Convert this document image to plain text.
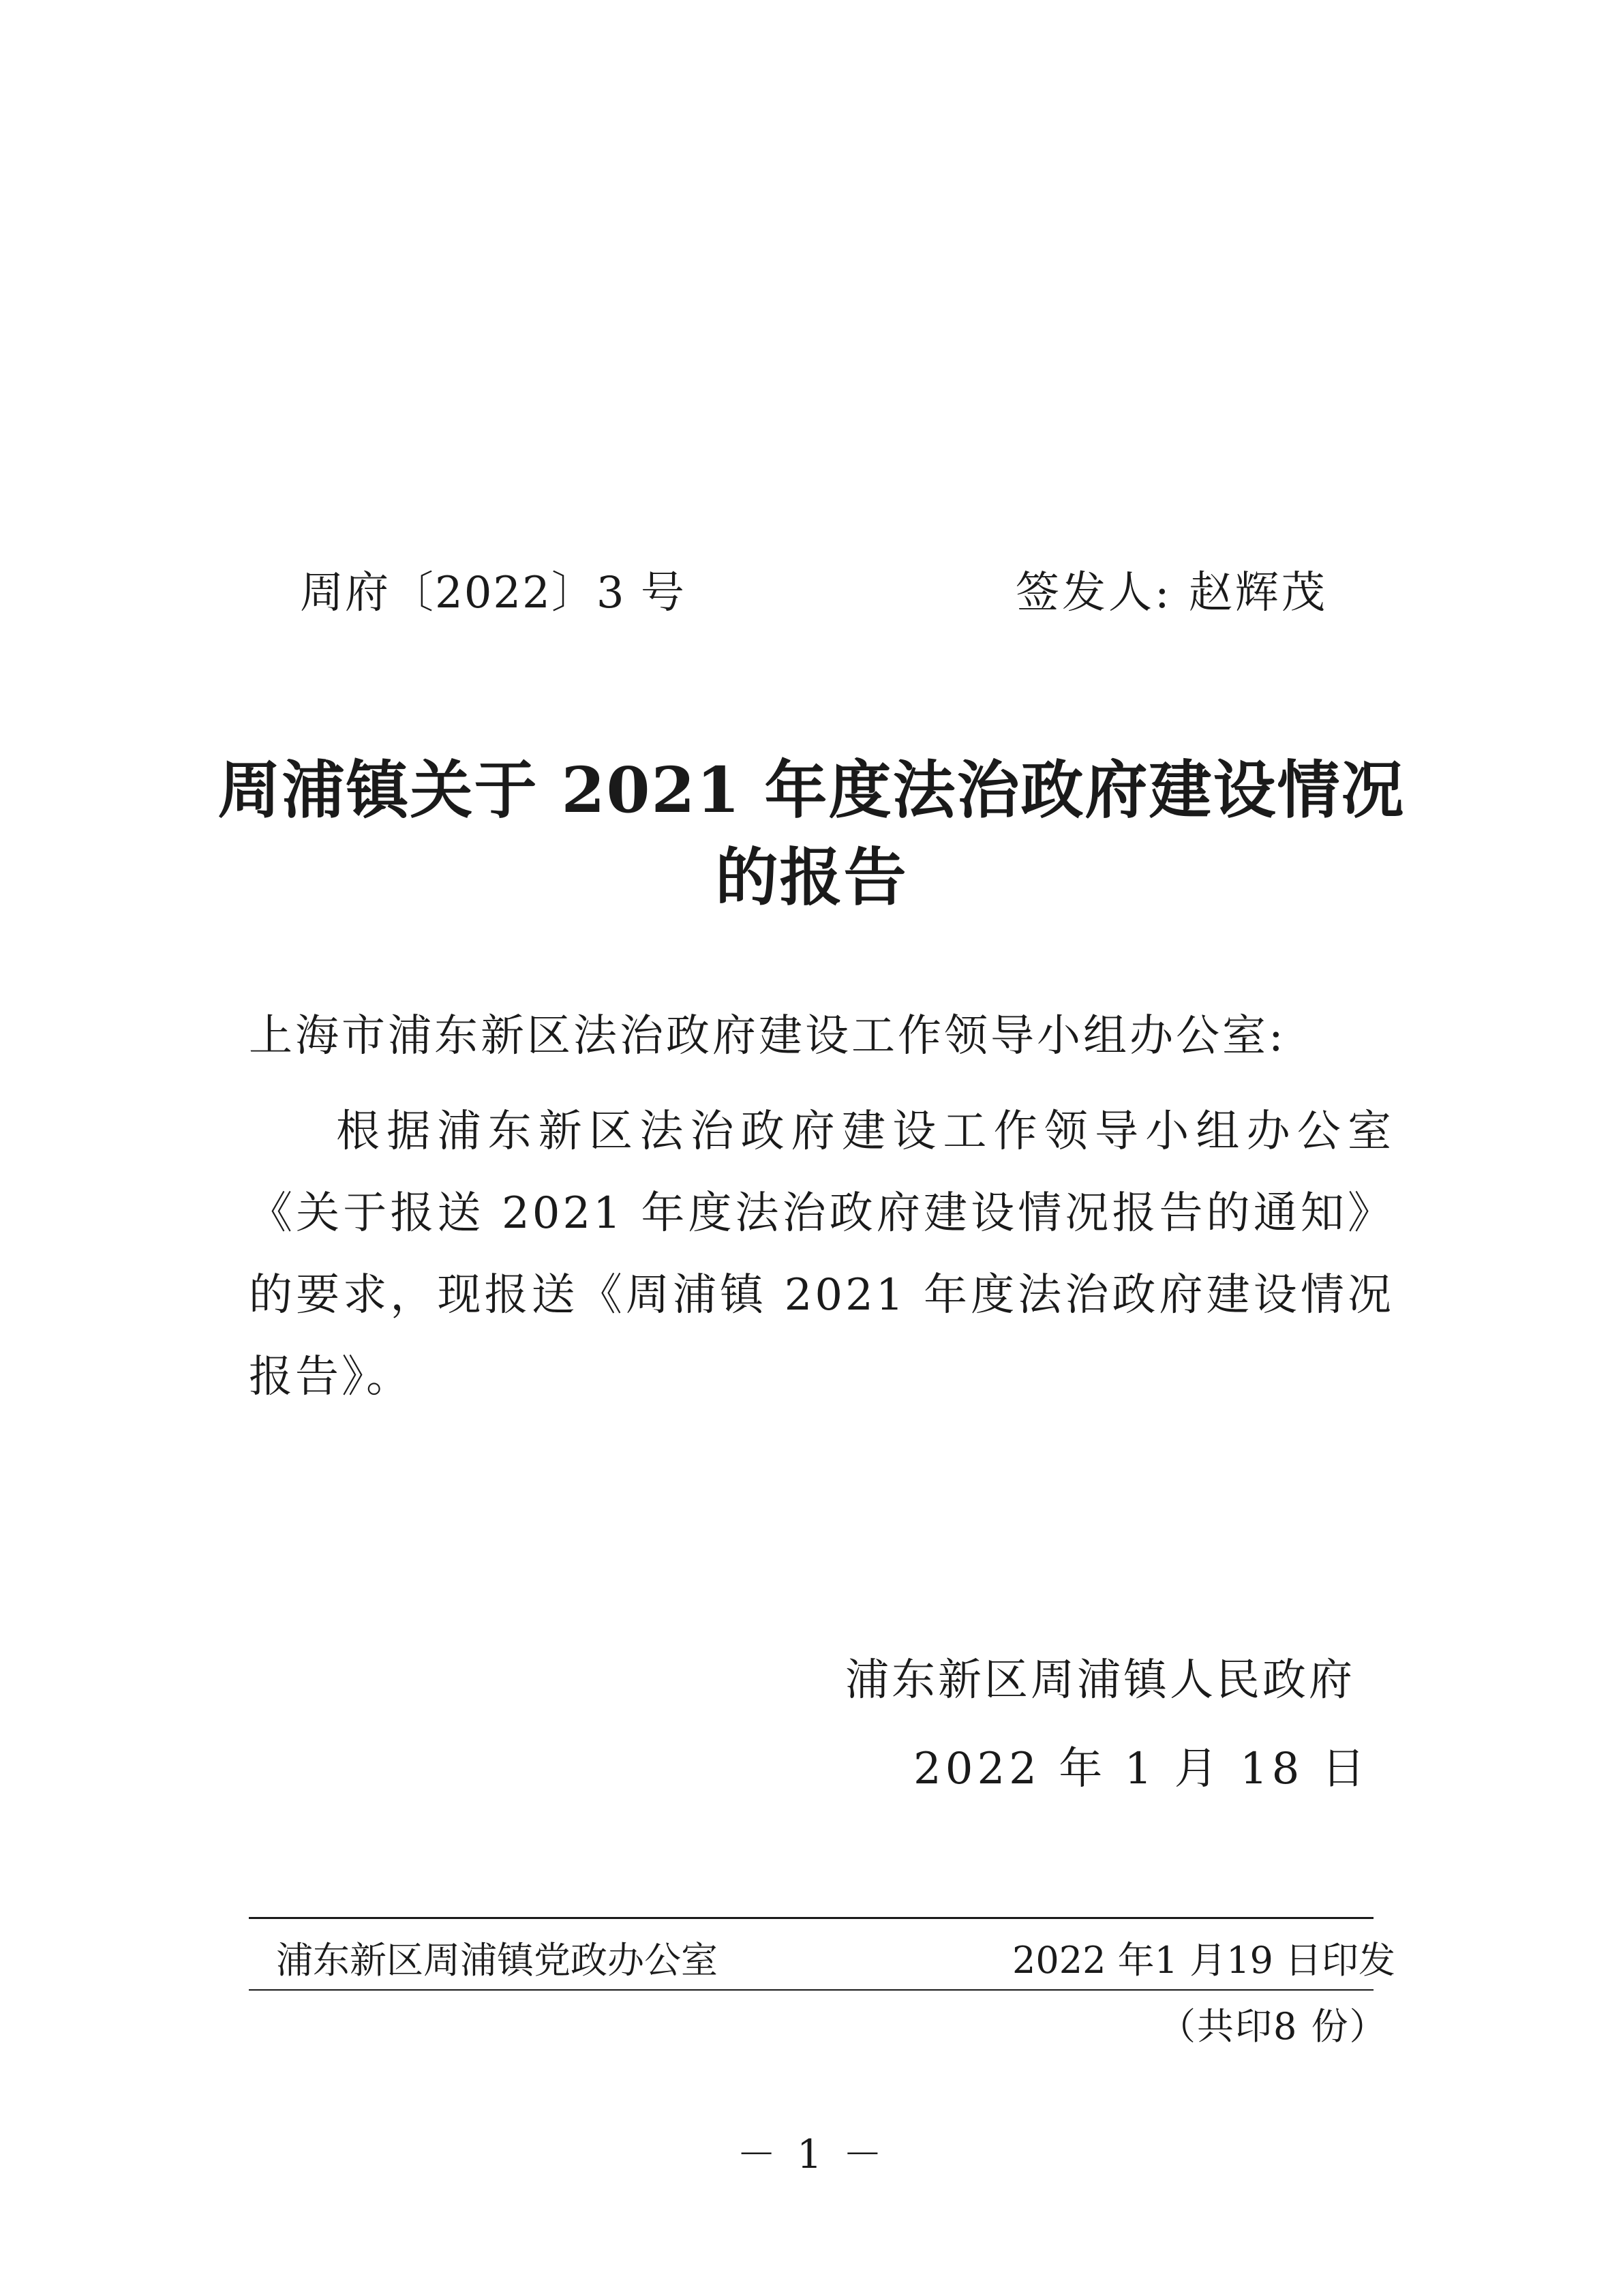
周府〔2022〕3 号	签发人: 赵辉茂
周浦镇关于 2021 年度法治政府建设情况
的报告
上海市浦东新区法治政府建设工作领导小组办公室:
根据浦东新区法治政府建设工作领导小组办公室《关于报送 2021 年度法治政府建设情况报告的通知》的要求，现报送《周浦镇 2021 年度法治政府建设情况报告》。
浦东新区周浦镇人民政府
2022 年 1 月 18 日
浦东新区周浦镇党政办公室	2022 年1 月19 日印发
（共印8 份）
－ 1 －
